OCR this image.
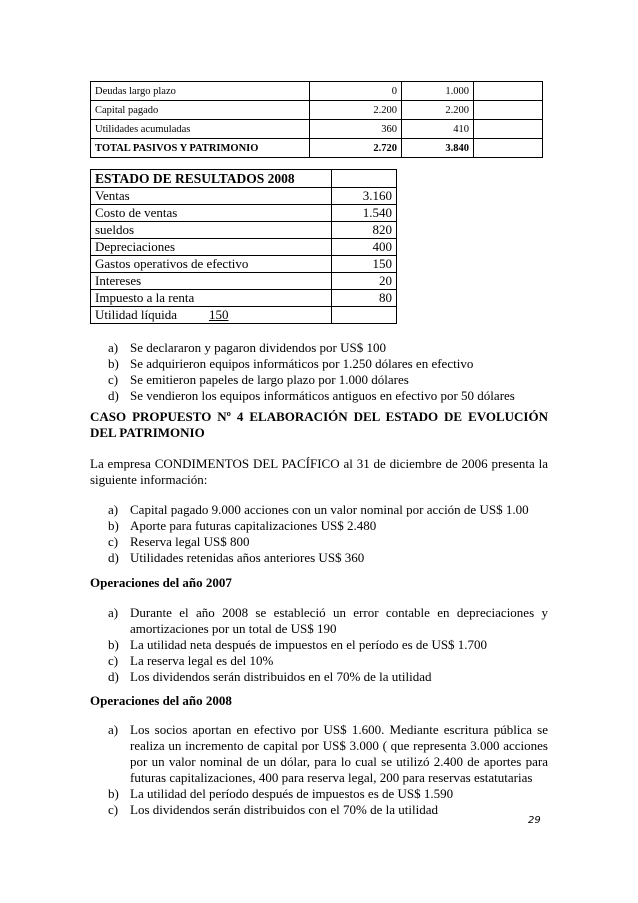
Deudas largo plazo	0	1.000	
Capital pagado	2.200	2.200	
Utilidades acumuladas	360	410	
TOTAL PASIVOS Y PATRIMONIO	2.720	3.840	
ESTADO DE RESULTADOS 2008	
Ventas	3.160
Costo de ventas	1.540
sueldos	820
Depreciaciones	400
Gastos operativos de efectivo	150
Intereses	20
Impuesto a la renta	80
Utilidad líquida 150	
a) Se declararon y pagaron dividendos por US$ 100
b) Se adquirieron equipos informáticos por 1.250 dólares en efectivo
c) Se emitieron papeles de largo plazo por 1.000 dólares
d) Se vendieron los equipos informáticos antiguos en efectivo por 50 dólares
CASO PROPUESTO Nº 4 ELABORACIÓN DEL ESTADO DE EVOLUCIÓN DEL PATRIMONIO
La empresa CONDIMENTOS DEL PACÍFICO al 31 de diciembre de 2006 presenta la siguiente información:
a) Capital pagado 9.000 acciones con un valor nominal por acción de US$ 1.00
b) Aporte para futuras capitalizaciones US$ 2.480
c) Reserva legal US$ 800
d) Utilidades retenidas años anteriores US$ 360
Operaciones del año 2007
a) Durante el año 2008 se estableció un error contable en depreciaciones y amortizaciones por un total de US$ 190
b) La utilidad neta después de impuestos en el período es de US$ 1.700
c) La reserva legal es del 10%
d) Los dividendos serán distribuidos en el 70% de la utilidad
Operaciones del año 2008
a) Los socios aportan en efectivo por US$ 1.600. Mediante escritura pública se realiza un incremento de capital por US$ 3.000 ( que representa 3.000 acciones por un valor nominal de un dólar, para lo cual se utilizó 2.400 de aportes para futuras capitalizaciones, 400 para reserva legal, 200 para reservas estatutarias
b) La utilidad del período después de impuestos es de US$ 1.590
c) Los dividendos serán distribuidos con el 70% de la utilidad
29
